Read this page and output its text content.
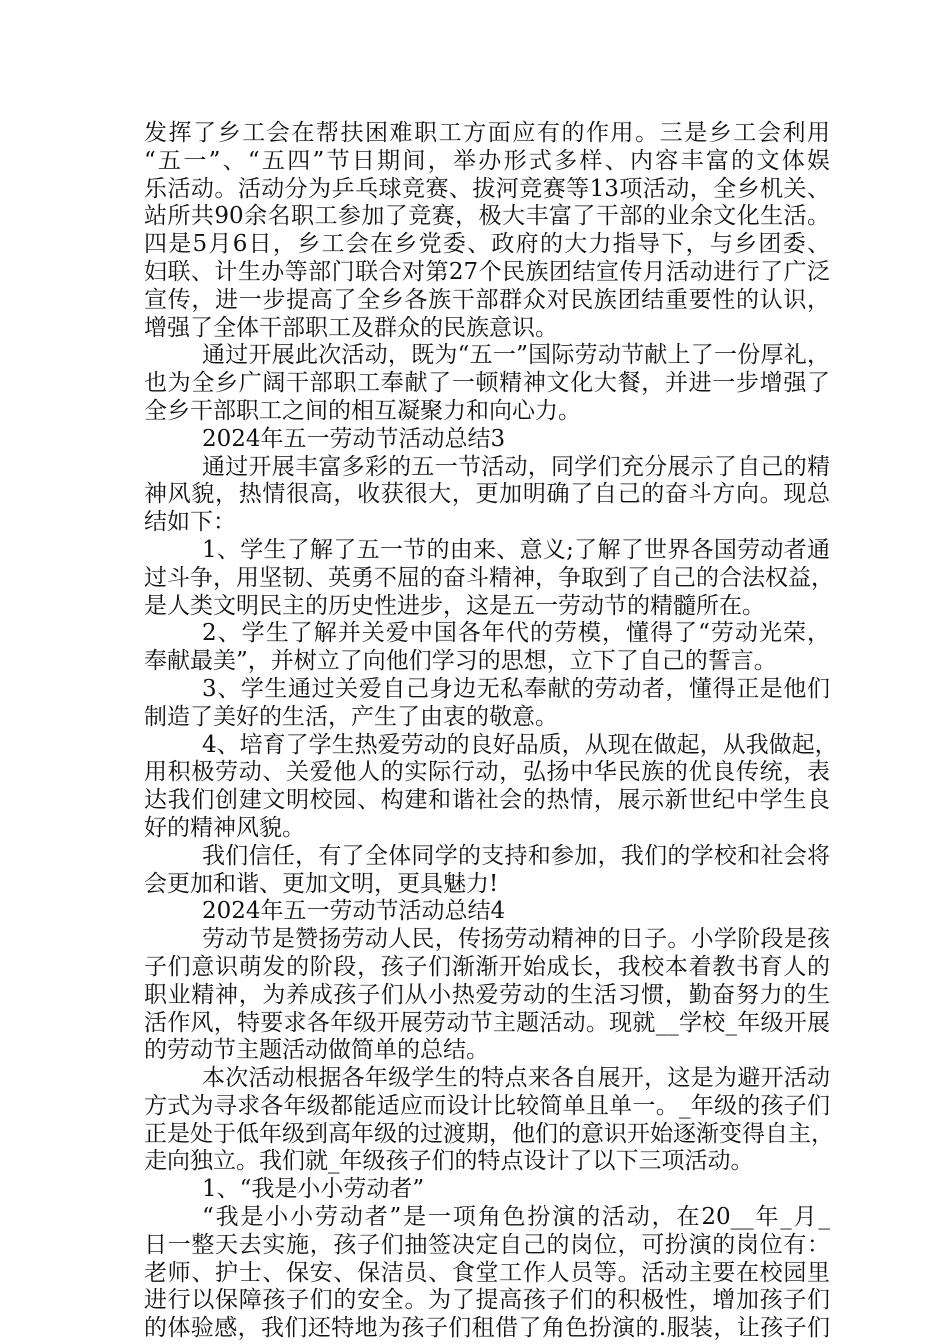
发挥了乡工会在帮扶困难职工方面应有的作用。三是乡工会利用
“五一”、“五四”节日期间，举办形式多样、内容丰富的文体娱
乐活动。活动分为乒乓球竞赛、拔河竞赛等13项活动，全乡机关、
站所共90余名职工参加了竞赛，极大丰富了干部的业余文化生活。
四是5月6日，乡工会在乡党委、政府的大力指导下，与乡团委、
妇联、计生办等部门联合对第27个民族团结宣传月活动进行了广泛
宣传，进一步提高了全乡各族干部群众对民族团结重要性的认识，
增强了全体干部职工及群众的民族意识。
通过开展此次活动，既为“五一”国际劳动节献上了一份厚礼，
也为全乡广阔干部职工奉献了一顿精神文化大餐，并进一步增强了
全乡干部职工之间的相互凝聚力和向心力。
2024年五一劳动节活动总结3
通过开展丰富多彩的五一节活动，同学们充分展示了自己的精
神风貌，热情很高，收获很大，更加明确了自己的奋斗方向。现总
结如下：
1、学生了解了五一节的由来、意义;了解了世界各国劳动者通
过斗争，用坚韧、英勇不屈的奋斗精神，争取到了自己的合法权益，
是人类文明民主的历史性进步，这是五一劳动节的精髓所在。
2、学生了解并关爱中国各年代的劳模，懂得了“劳动光荣，
奉献最美”，并树立了向他们学习的思想，立下了自己的誓言。
3、学生通过关爱自己身边无私奉献的劳动者，懂得正是他们
制造了美好的生活，产生了由衷的敬意。
4、培育了学生热爱劳动的良好品质，从现在做起，从我做起，
用积极劳动、关爱他人的实际行动，弘扬中华民族的优良传统，表
达我们创建文明校园、构建和谐社会的热情，展示新世纪中学生良
好的精神风貌。
我们信任，有了全体同学的支持和参加，我们的学校和社会将
会更加和谐、更加文明，更具魅力!
2024年五一劳动节活动总结4
劳动节是赞扬劳动人民，传扬劳动精神的日子。小学阶段是孩
子们意识萌发的阶段，孩子们渐渐开始成长，我校本着教书育人的
职业精神，为养成孩子们从小热爱劳动的生活习惯，勤奋努力的生
活作风，特要求各年级开展劳动节主题活动。现就__学校_年级开展
的劳动节主题活动做简单的总结。
本次活动根据各年级学生的特点来各自展开，这是为避开活动
方式为寻求各年级都能适应而设计比较简单且单一。_年级的孩子们
正是处于低年级到高年级的过渡期，他们的意识开始逐渐变得自主，
走向独立。我们就_年级孩子们的特点设计了以下三项活动。
1、“我是小小劳动者”
“我是小小劳动者”是一项角色扮演的活动，在20__年_月_
日一整天去实施，孩子们抽签决定自己的岗位，可扮演的岗位有：
老师、护士、保安、保洁员、食堂工作人员等。活动主要在校园里
进行以保障孩子们的安全。为了提高孩子们的积极性，增加孩子们
的体验感，我们还特地为孩子们租借了角色扮演的.服装，让孩子们
